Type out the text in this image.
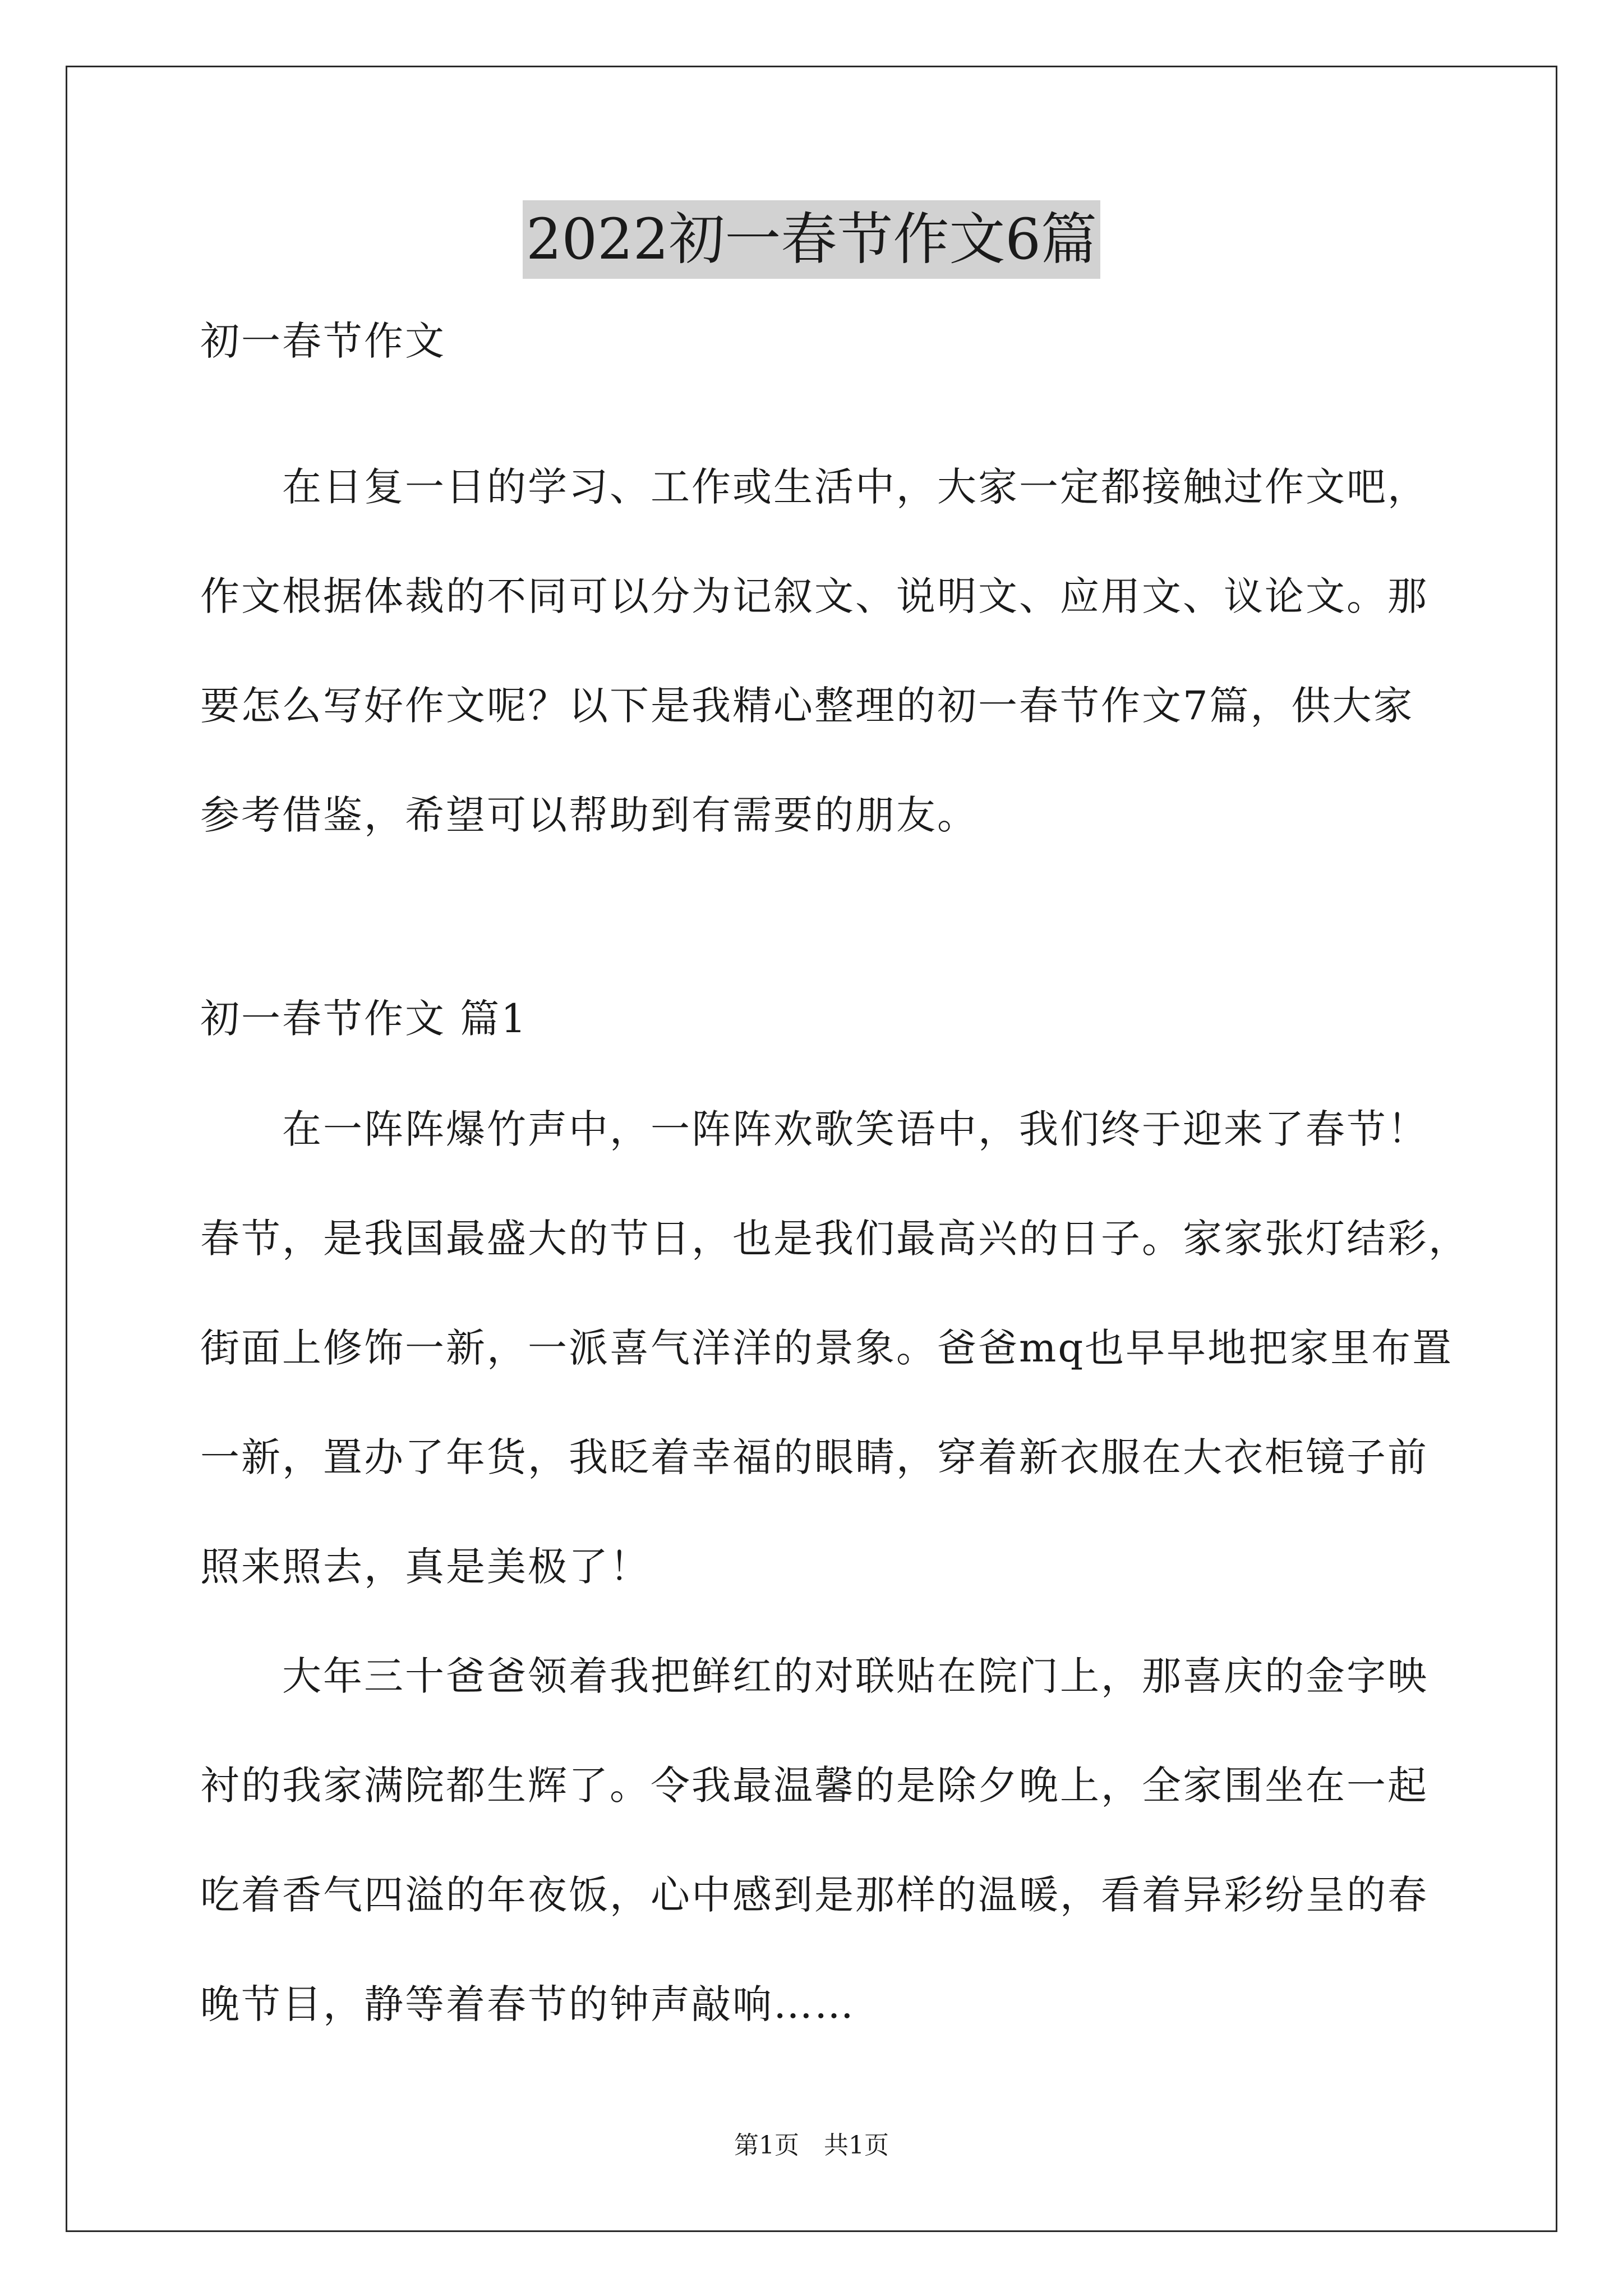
2022初一春节作文6篇
初一春节作文
　　在日复一日的学习、工作或生活中，大家一定都接触过作文吧，
作文根据体裁的不同可以分为记叙文、说明文、应用文、议论文。那
要怎么写好作文呢？以下是我精心整理的初一春节作文7篇，供大家
参考借鉴，希望可以帮助到有需要的朋友。
初一春节作文 篇1
　　在一阵阵爆竹声中，一阵阵欢歌笑语中，我们终于迎来了春节！
春节，是我国最盛大的节日，也是我们最高兴的日子。家家张灯结彩，
街面上修饰一新，一派喜气洋洋的景象。爸爸mq也早早地把家里布置
一新，置办了年货，我眨着幸福的眼睛，穿着新衣服在大衣柜镜子前
照来照去，真是美极了！
　　大年三十爸爸领着我把鲜红的对联贴在院门上，那喜庆的金字映
衬的我家满院都生辉了。令我最温馨的是除夕晚上，全家围坐在一起
吃着香气四溢的年夜饭，心中感到是那样的温暖，看着异彩纷呈的春
晚节目，静等着春节的钟声敲响……
第1页　共1页
